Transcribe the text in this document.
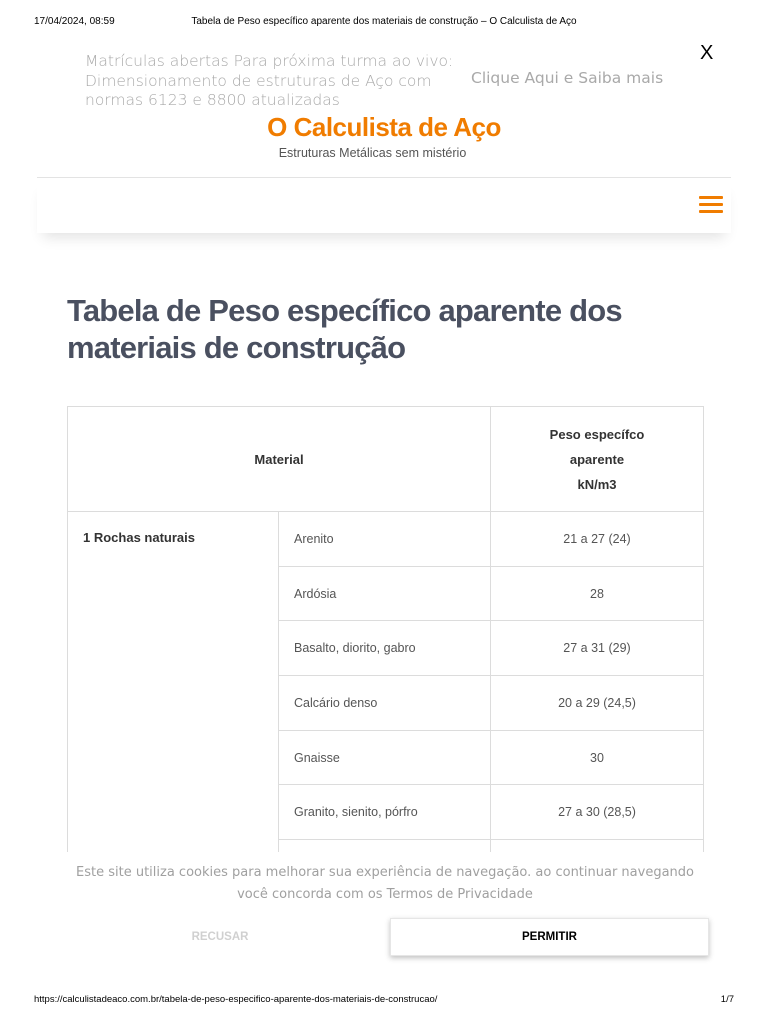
17/04/2024, 08:59	Tabela de Peso específico aparente dos materiais de construção – O Calculista de Aço
Matrículas abertas Para próxima turma ao vivo: Dimensionamento de estruturas de Aço com normas 6123 e 8800 atualizadas
Clique Aqui e Saiba mais
X
O Calculista de Aço
Estruturas Metálicas sem mistério
Tabela de Peso específico aparente dos materiais de construção
Material		Peso específco
aparente
kN/m3
1 Rochas naturais	Arenito	21 a 27 (24)
	Ardósia	28
	Basalto, diorito, gabro	27 a 31 (29)
	Calcário denso	20 a 29 (24,5)
	Gnaisse	30
	Granito, sienito, pórfro	27 a 30 (28,5)

Este site utiliza cookies para melhorar sua experiência de navegação. ao continuar navegando você concorda com os Termos de Privacidade
RECUSAR	PERMITIR
https://calculistadeaco.com.br/tabela-de-peso-especifico-aparente-dos-materiais-de-construcao/	1/7
